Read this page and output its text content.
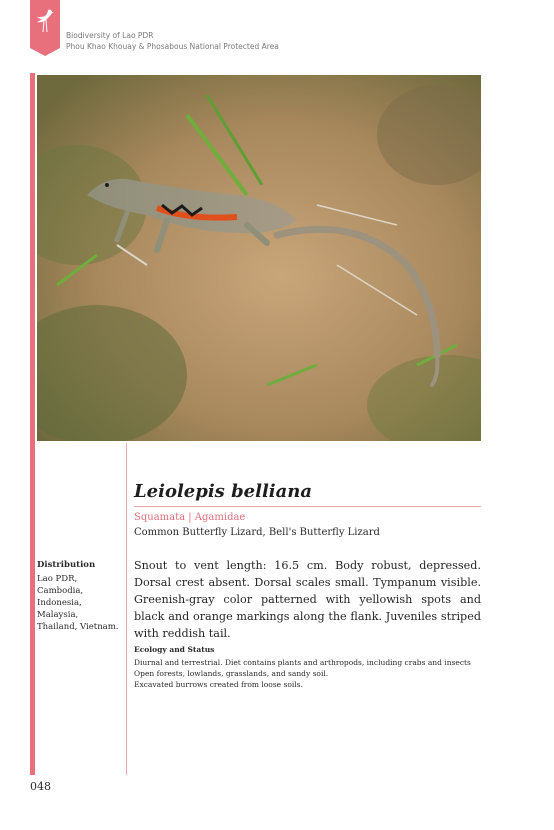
Biodiversity of Lao PDR
Phou Khao Khouay & Phosabous National Protected Area
Leiolepis belliana
Squamata | Agamidae
Common Butterfly Lizard, Bell's Butterfly Lizard
Distribution
Lao PDR, Cambodia,
Indonesia, Malaysia,
Thailand, Vietnam.
Snout to vent length: 16.5 cm. Body robust, depressed. Dorsal crest absent. Dorsal scales small. Tympanum visible. Greenish-gray color patterned with yellowish spots and black and orange markings along the flank. Juveniles striped with reddish tail.
Ecology and Status
Diurnal and terrestrial. Diet contains plants and arthropods, including crabs and insects
Open forests, lowlands, grasslands, and sandy soil.
Excavated burrows created from loose soils.
048
